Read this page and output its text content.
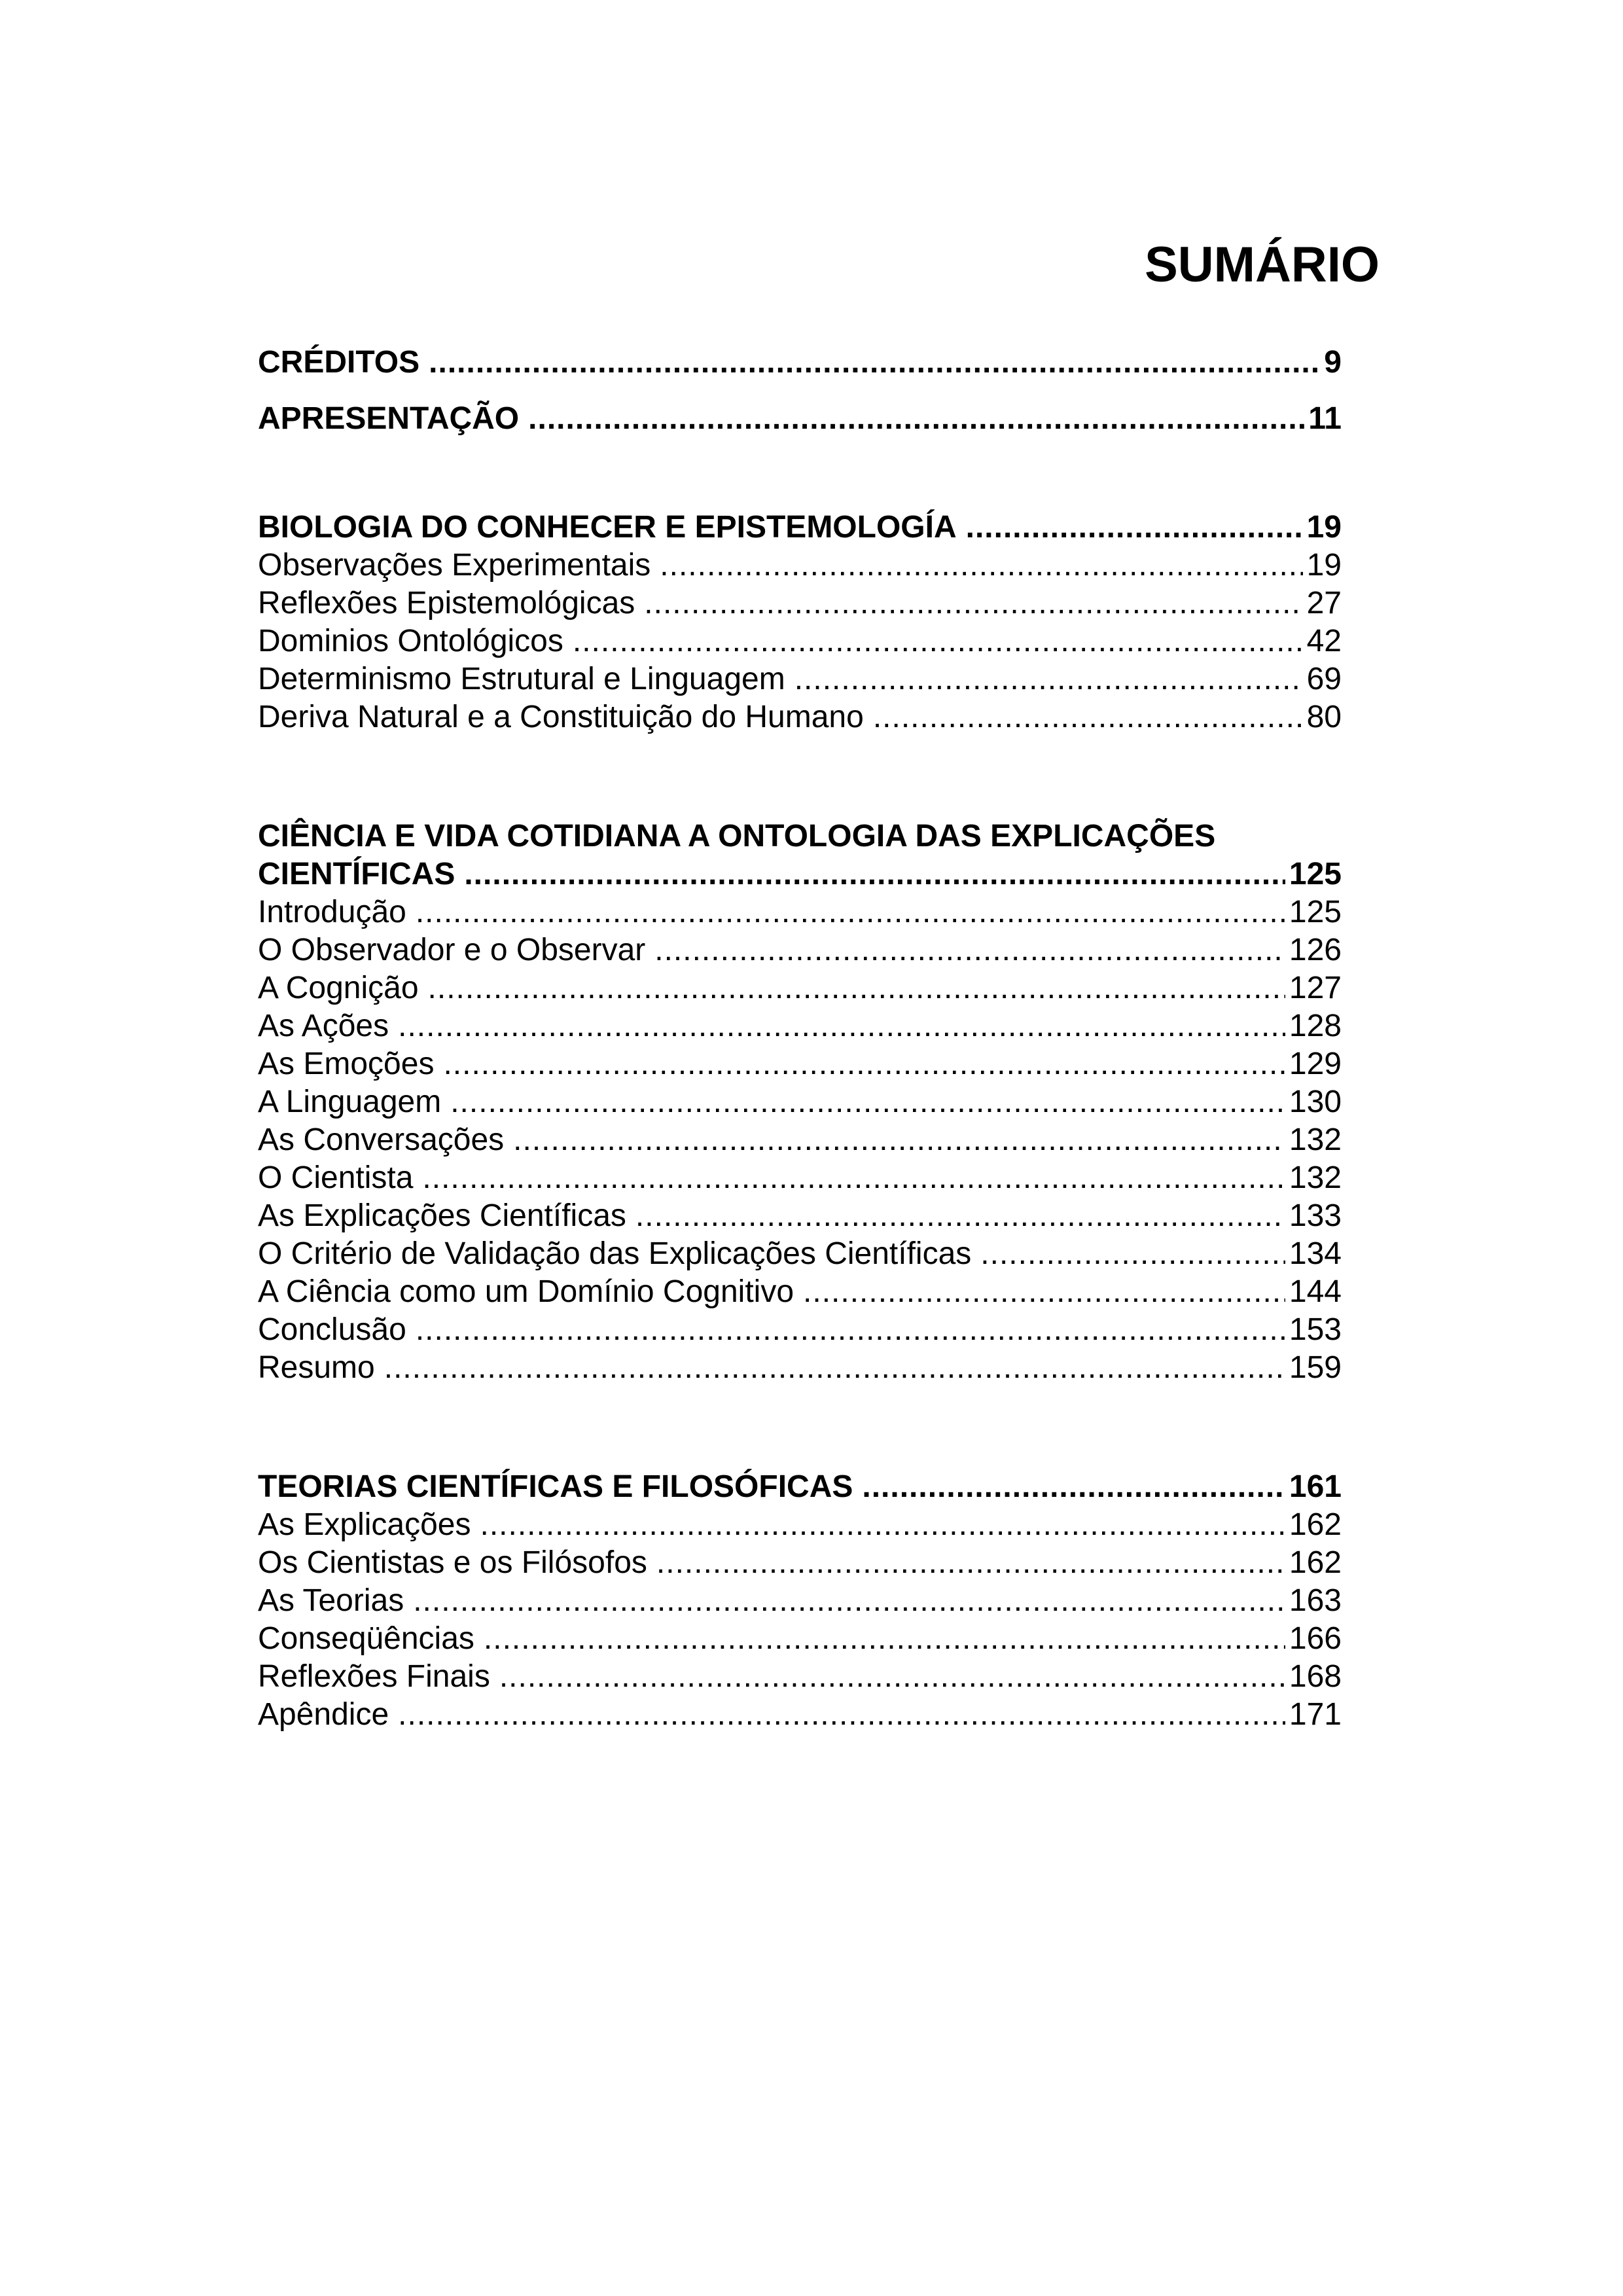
SUMÁRIO
CRÉDITOS .....	9
APRESENTAÇÃO .....	11
BIOLOGIA DO CONHECER E EPISTEMOLOGÍA .....	19
Observações Experimentais .....	19
Reflexões Epistemológicas .....	27
Dominios Ontológicos .....	42
Determinismo Estrutural e Linguagem .....	69
Deriva Natural e a Constituição do Humano .....	80
CIÊNCIA E VIDA COTIDIANA A ONTOLOGIA DAS EXPLICAÇÕES
CIENTÍFICAS .....	125
Introdução .....	125
O Observador e o Observar .....	126
A Cognição .....	127
As Ações .....	128
As Emoções .....	129
A Linguagem .....	130
As Conversações .....	132
O Cientista .....	132
As Explicações Científicas .....	133
O Critério de Validação das Explicações Científicas .....	134
A Ciência como um Domínio Cognitivo .....	144
Conclusão .....	153
Resumo .....	159
TEORIAS CIENTÍFICAS E FILOSÓFICAS .....	161
As Explicações .....	162
Os Cientistas e os Filósofos .....	162
As Teorias .....	163
Conseqüências .....	166
Reflexões Finais .....	168
Apêndice .....	171
